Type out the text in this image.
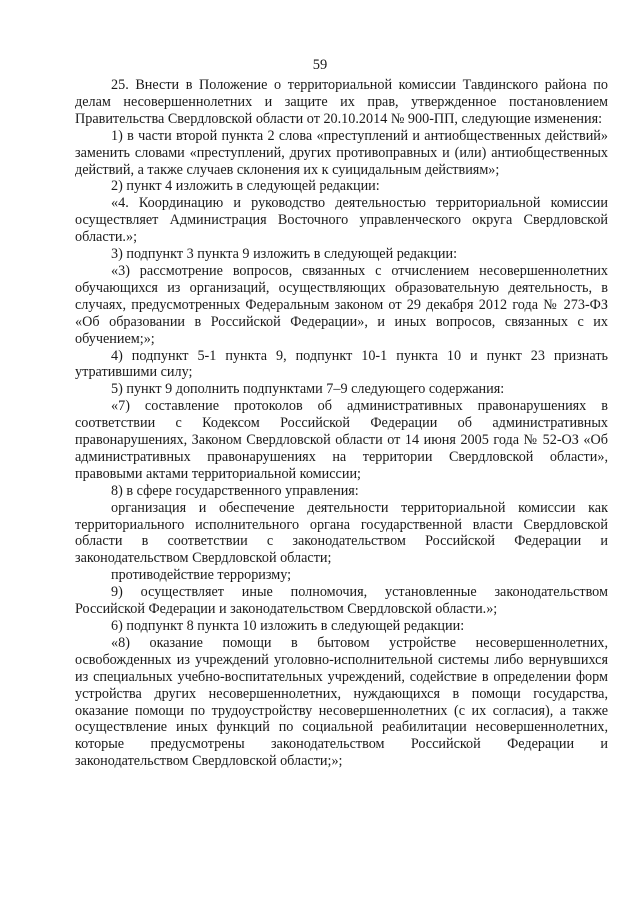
59

25. Внести в Положение о территориальной комиссии Тавдинского района по делам несовершеннолетних и защите их прав, утвержденное постановлением Правительства Свердловской области от 20.10.2014 № 900-ПП, следующие изменения:

1) в части второй пункта 2 слова «преступлений и антиобщественных действий» заменить словами «преступлений, других противоправных и (или) антиобщественных действий, а также случаев склонения их к суицидальным действиям»;

2) пункт 4 изложить в следующей редакции:

«4. Координацию и руководство деятельностью территориальной комиссии осуществляет Администрация Восточного управленческого округа Свердловской области.»;

3) подпункт 3 пункта 9 изложить в следующей редакции:

«3) рассмотрение вопросов, связанных с отчислением несовершеннолетних обучающихся из организаций, осуществляющих образовательную деятельность, в случаях, предусмотренных Федеральным законом от 29 декабря 2012 года № 273-ФЗ «Об образовании в Российской Федерации», и иных вопросов, связанных с их обучением;»;

4) подпункт 5-1 пункта 9, подпункт 10-1 пункта 10 и пункт 23 признать утратившими силу;

5) пункт 9 дополнить подпунктами 7–9 следующего содержания:

«7) составление протоколов об административных правонарушениях в соответствии с Кодексом Российской Федерации об административных правонарушениях, Законом Свердловской области от 14 июня 2005 года № 52-ОЗ «Об административных правонарушениях на территории Свердловской области», правовыми актами территориальной комиссии;

8) в сфере государственного управления:

организация и обеспечение деятельности территориальной комиссии как территориального исполнительного органа государственной власти Свердловской области в соответствии с законодательством Российской Федерации и законодательством Свердловской области;

противодействие терроризму;

9) осуществляет иные полномочия, установленные законодательством Российской Федерации и законодательством Свердловской области.»;

6) подпункт 8 пункта 10 изложить в следующей редакции:

«8) оказание помощи в бытовом устройстве несовершеннолетних, освобожденных из учреждений уголовно-исполнительной системы либо вернувшихся из специальных учебно-воспитательных учреждений, содействие в определении форм устройства других несовершеннолетних, нуждающихся в помощи государства, оказание помощи по трудоустройству несовершеннолетних (с их согласия), а также осуществление иных функций по социальной реабилитации несовершеннолетних, которые предусмотрены законодательством Российской Федерации и законодательством Свердловской области;»;
